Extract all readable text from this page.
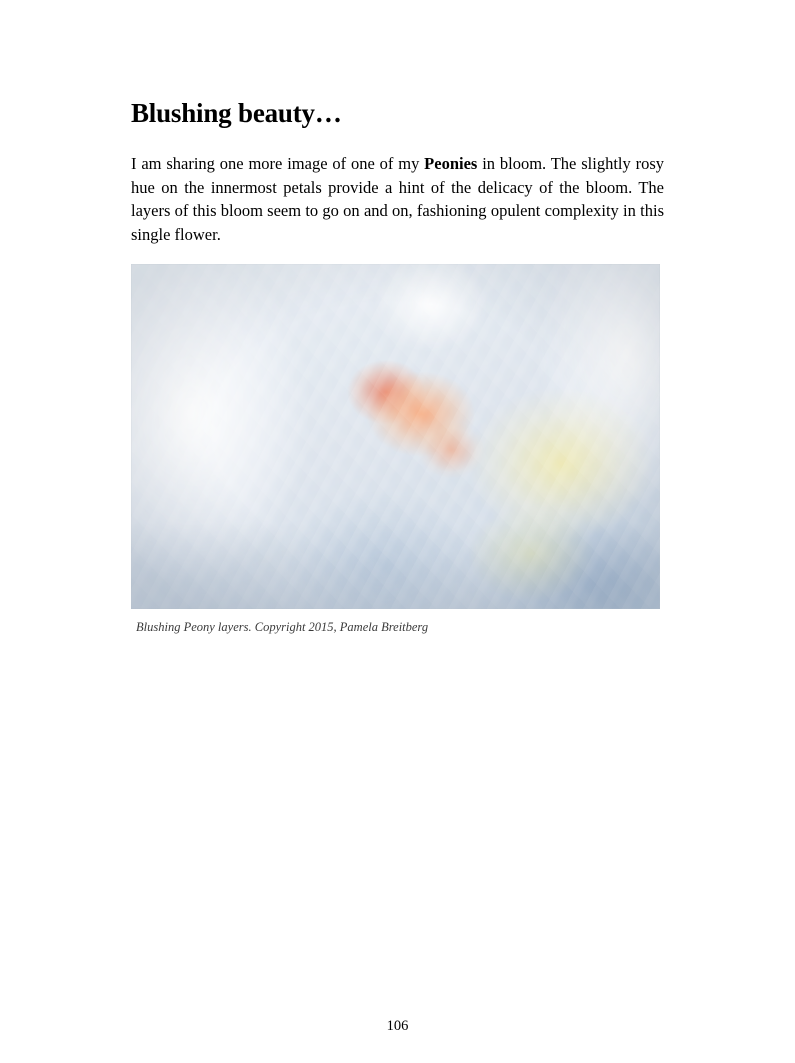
Blushing beauty…

I am sharing one more image of one of my Peonies in bloom. The slightly rosy hue on the innermost petals provide a hint of the delicacy of the bloom. The layers of this bloom seem to go on and on, fashioning opulent complexity in this single flower.

Blushing Peony layers. Copyright 2015, Pamela Breitberg
106
